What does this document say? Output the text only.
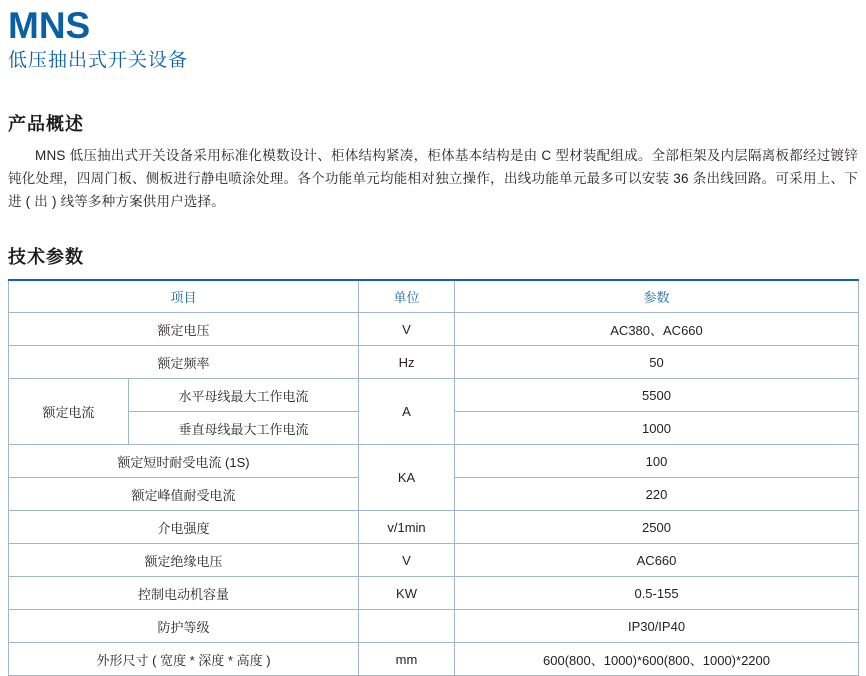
MNS
低压抽出式开关设备
产品概述
MNS 低压抽出式开关设备采用标准化模数设计、柜体结构紧凑，柜体基本结构是由 C 型材装配组成。全部柜架及内层隔离板都经过镀锌钝化处理，四周门板、侧板进行静电喷涂处理。各个功能单元均能相对独立操作，出线功能单元最多可以安装 36 条出线回路。可采用上、下进 ( 出 ) 线等多种方案供用户选择。
技术参数
项目		单位	参数
额定电压		V	AC380、AC660
额定频率		Hz	50
额定电流	水平母线最大工作电流	A	5500
	垂直母线最大工作电流		1000
额定短时耐受电流 (1S)		KA	100
额定峰值耐受电流			220
介电强度		v/1min	2500
额定绝缘电压		V	AC660
控制电动机容量		KW	0.5-155
防护等级			IP30/IP40
外形尺寸 ( 宽度 * 深度 * 高度 )		mm	600(800、1000)*600(800、1000)*2200
